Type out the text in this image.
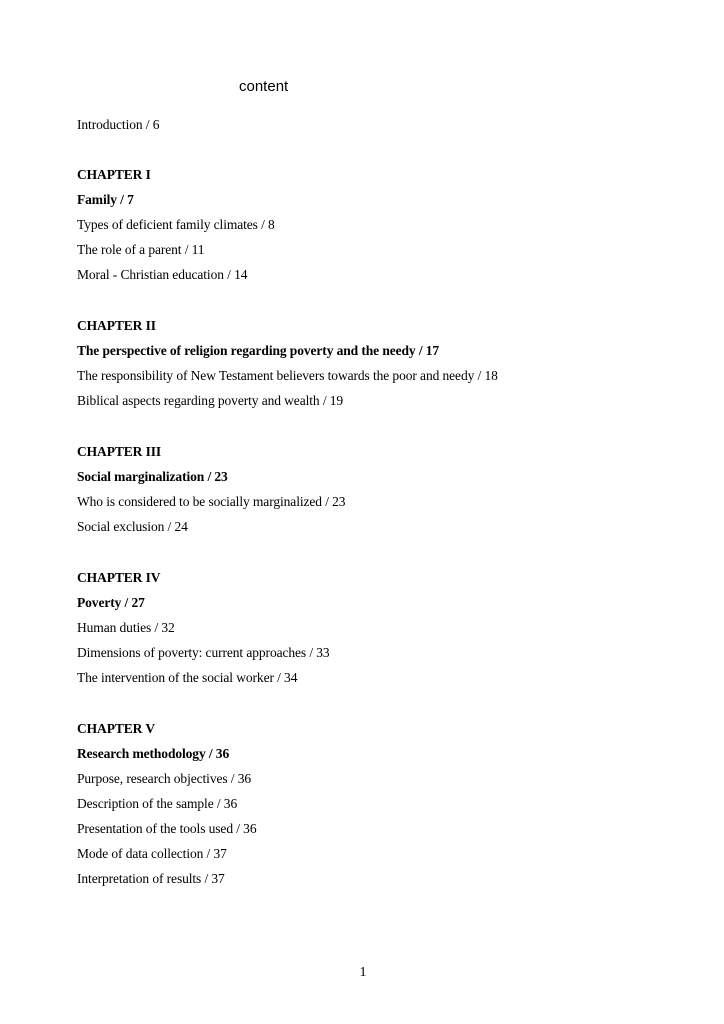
content
Introduction / 6
CHAPTER I
Family / 7
Types of deficient family climates / 8
The role of a parent / 11
Moral - Christian education / 14
CHAPTER II
The perspective of religion regarding poverty and the needy / 17
The responsibility of New Testament believers towards the poor and needy / 18
Biblical aspects regarding poverty and wealth / 19
CHAPTER III
Social marginalization / 23
Who is considered to be socially marginalized / 23
Social exclusion / 24
CHAPTER IV
Poverty / 27
Human duties / 32
Dimensions of poverty: current approaches / 33
The intervention of the social worker / 34
CHAPTER V
Research methodology / 36
Purpose, research objectives / 36
Description of the sample / 36
Presentation of the tools used / 36
Mode of data collection / 37
Interpretation of results / 37
1
